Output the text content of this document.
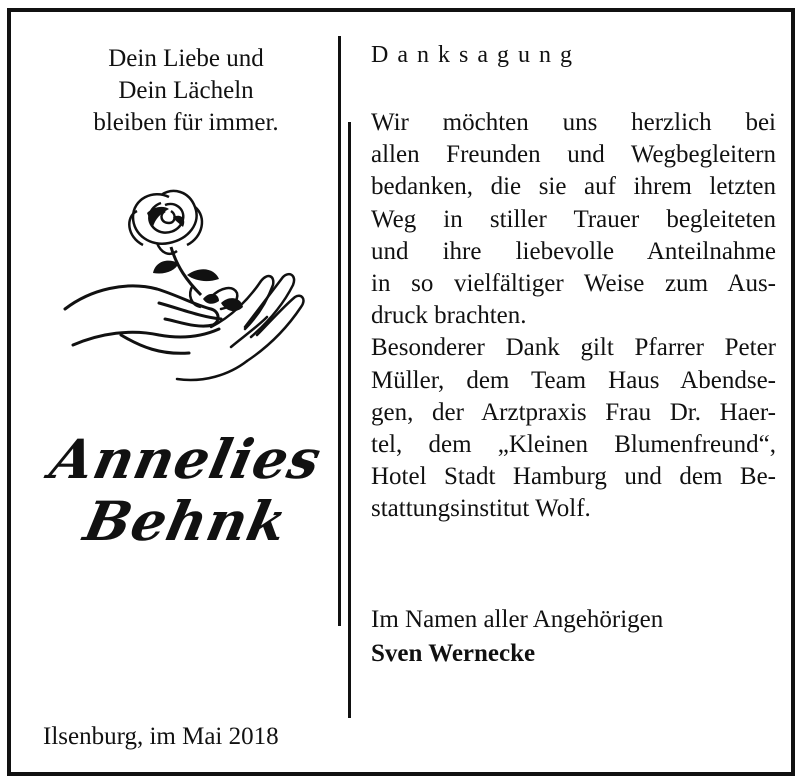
Dein Liebe und
Dein Lächeln
bleiben für immer.
Annelies
Behnk
Ilsenburg, im Mai 2018
Danksagung
Wir möchten uns herzlich bei
allen Freunden und Wegbegleitern
bedanken, die sie auf ihrem letzten
Weg in stiller Trauer begleiteten
und ihre liebevolle Anteilnahme
in so vielfältiger Weise zum Aus-
druck brachten.
Besonderer Dank gilt Pfarrer Peter
Müller, dem Team Haus Abendse-
gen, der Arztpraxis Frau Dr. Haer-
tel, dem „Kleinen Blumenfreund“,
Hotel Stadt Hamburg und dem Be-
stattungsinstitut Wolf.
Im Namen aller Angehörigen
Sven Wernecke
